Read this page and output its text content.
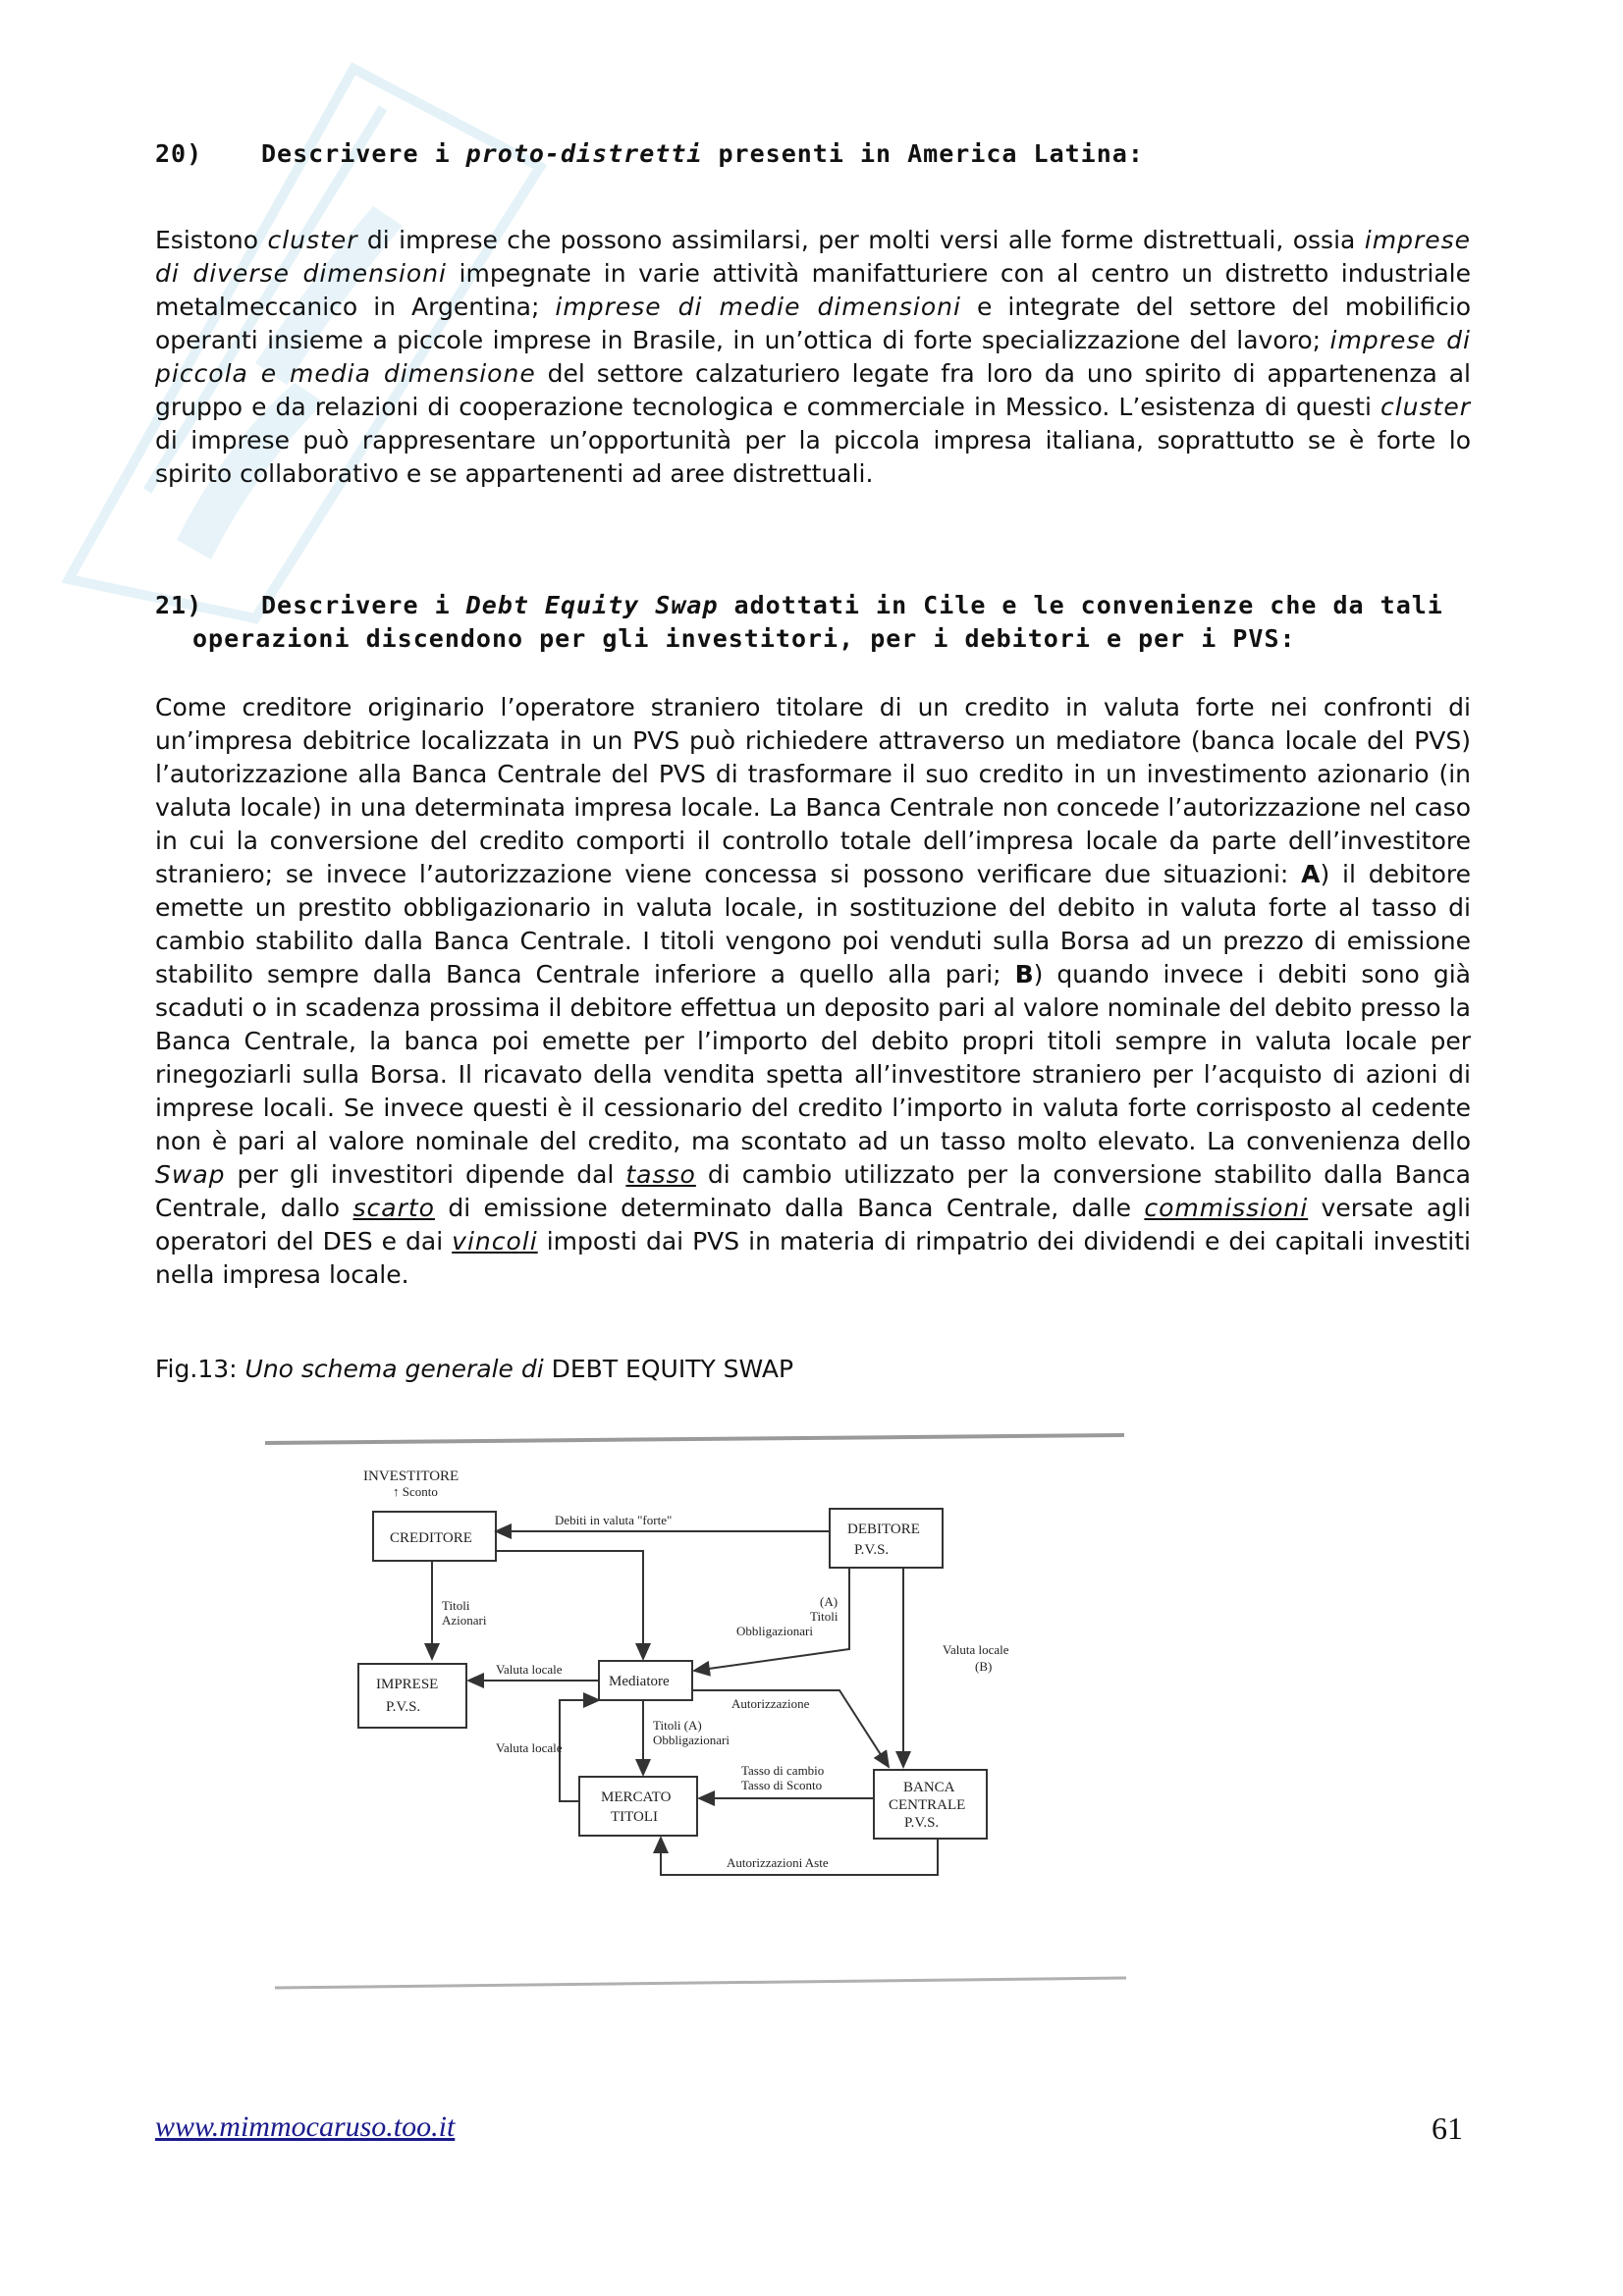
20) Descrivere i proto-distretti presenti in America Latina:

Esistono cluster di imprese che possono assimilarsi, per molti versi alle forme distrettuali, ossia imprese di diverse dimensioni impegnate in varie attività manifatturiere con al centro un distretto industriale metalmeccanico in Argentina; imprese di medie dimensioni e integrate del settore del mobilificio operanti insieme a piccole imprese in Brasile, in un’ottica di forte specializzazione del lavoro; imprese di piccola e media dimensione del settore calzaturiero legate fra loro da uno spirito di appartenenza al gruppo e da relazioni di cooperazione tecnologica e commerciale in Messico. L’esistenza di questi cluster di imprese può rappresentare un’opportunità per la piccola impresa italiana, soprattutto se è forte lo spirito collaborativo e se appartenenti ad aree distrettuali.

21) Descrivere i Debt Equity Swap adottati in Cile e le convenienze che da tali
operazioni discendono per gli investitori, per i debitori e per i PVS:

Come creditore originario l’operatore straniero titolare di un credito in valuta forte nei confronti di un’impresa debitrice localizzata in un PVS può richiedere attraverso un mediatore (banca locale del PVS) l’autorizzazione alla Banca Centrale del PVS di trasformare il suo credito in un investimento azionario (in valuta locale) in una determinata impresa locale. La Banca Centrale non concede l’autorizzazione nel caso in cui la conversione del credito comporti il controllo totale dell’impresa locale da parte dell’investitore straniero; se invece l’autorizzazione viene concessa si possono verificare due situazioni: A) il debitore emette un prestito obbligazionario in valuta locale, in sostituzione del debito in valuta forte al tasso di cambio stabilito dalla Banca Centrale. I titoli vengono poi venduti sulla Borsa ad un prezzo di emissione stabilito sempre dalla Banca Centrale inferiore a quello alla pari; B) quando invece i debiti sono già scaduti o in scadenza prossima il debitore effettua un deposito pari al valore nominale del debito presso la Banca Centrale, la banca poi emette per l’importo del debito propri titoli sempre in valuta locale per rinegoziarli sulla Borsa. Il ricavato della vendita spetta all’investitore straniero per l’acquisto di azioni di imprese locali. Se invece questi è il cessionario del credito l’importo in valuta forte corrisposto al cedente non è pari al valore nominale del credito, ma scontato ad un tasso molto elevato. La convenienza dello Swap per gli investitori dipende dal tasso di cambio utilizzato per la conversione stabilito dalla Banca Centrale, dallo scarto di emissione determinato dalla Banca Centrale, dalle commissioni versate agli operatori del DES e dai vincoli imposti dai PVS in materia di rimpatrio dei dividendi e dei capitali investiti nella impresa locale.

Fig.13: Uno schema generale di DEBT EQUITY SWAP
INVESTITORE
↑ Sconto
CREDITORE
Debiti in valuta "forte"
DEBITORE
P.V.S.
Titoli
Azionari
(A)
Titoli
Obbligazionari
Valuta locale
(B)
IMPRESE
P.V.S.
Valuta locale
Mediatore
Autorizzazione
Valuta locale
Titoli (A)
Obbligazionari
Tasso di cambio
Tasso di Sconto
MERCATO
TITOLI
BANCA
CENTRALE
P.V.S.
Autorizzazioni Aste
www.mimmocaruso.too.it	61
